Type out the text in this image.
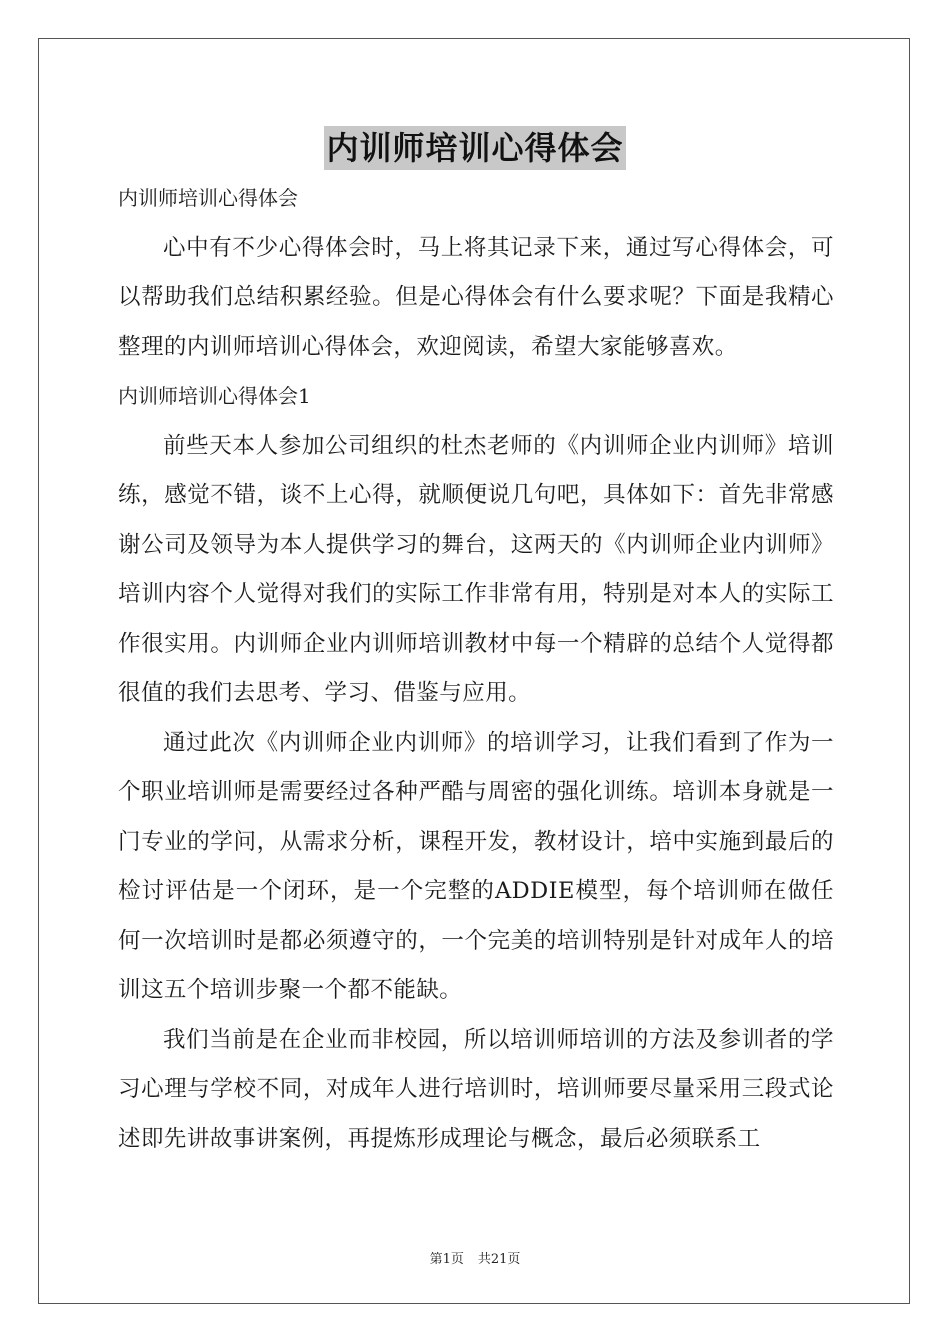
内训师培训心得体会

内训师培训心得体会

心中有不少心得体会时，马上将其记录下来，通过写心得体会，可以帮助我们总结积累经验。但是心得体会有什么要求呢？下面是我精心整理的内训师培训心得体会，欢迎阅读，希望大家能够喜欢。

内训师培训心得体会1

前些天本人参加公司组织的杜杰老师的《内训师企业内训师》培训练，感觉不错，谈不上心得，就顺便说几句吧，具体如下：首先非常感谢公司及领导为本人提供学习的舞台，这两天的《内训师企业内训师》培训内容个人觉得对我们的实际工作非常有用，特别是对本人的实际工作很实用。内训师企业内训师培训教材中每一个精辟的总结个人觉得都很值的我们去思考、学习、借鉴与应用。

通过此次《内训师企业内训师》的培训学习，让我们看到了作为一个职业培训师是需要经过各种严酷与周密的强化训练。培训本身就是一门专业的学问，从需求分析，课程开发，教材设计，培中实施到最后的检讨评估是一个闭环，是一个完整的ADDIE模型，每个培训师在做任何一次培训时是都必须遵守的，一个完美的培训特别是针对成年人的培训这五个培训步聚一个都不能缺。

我们当前是在企业而非校园，所以培训师培训的方法及参训者的学习心理与学校不同，对成年人进行培训时，培训师要尽量采用三段式论述即先讲故事讲案例，再提炼形成理论与概念，最后必须联系工

第1页 共21页
